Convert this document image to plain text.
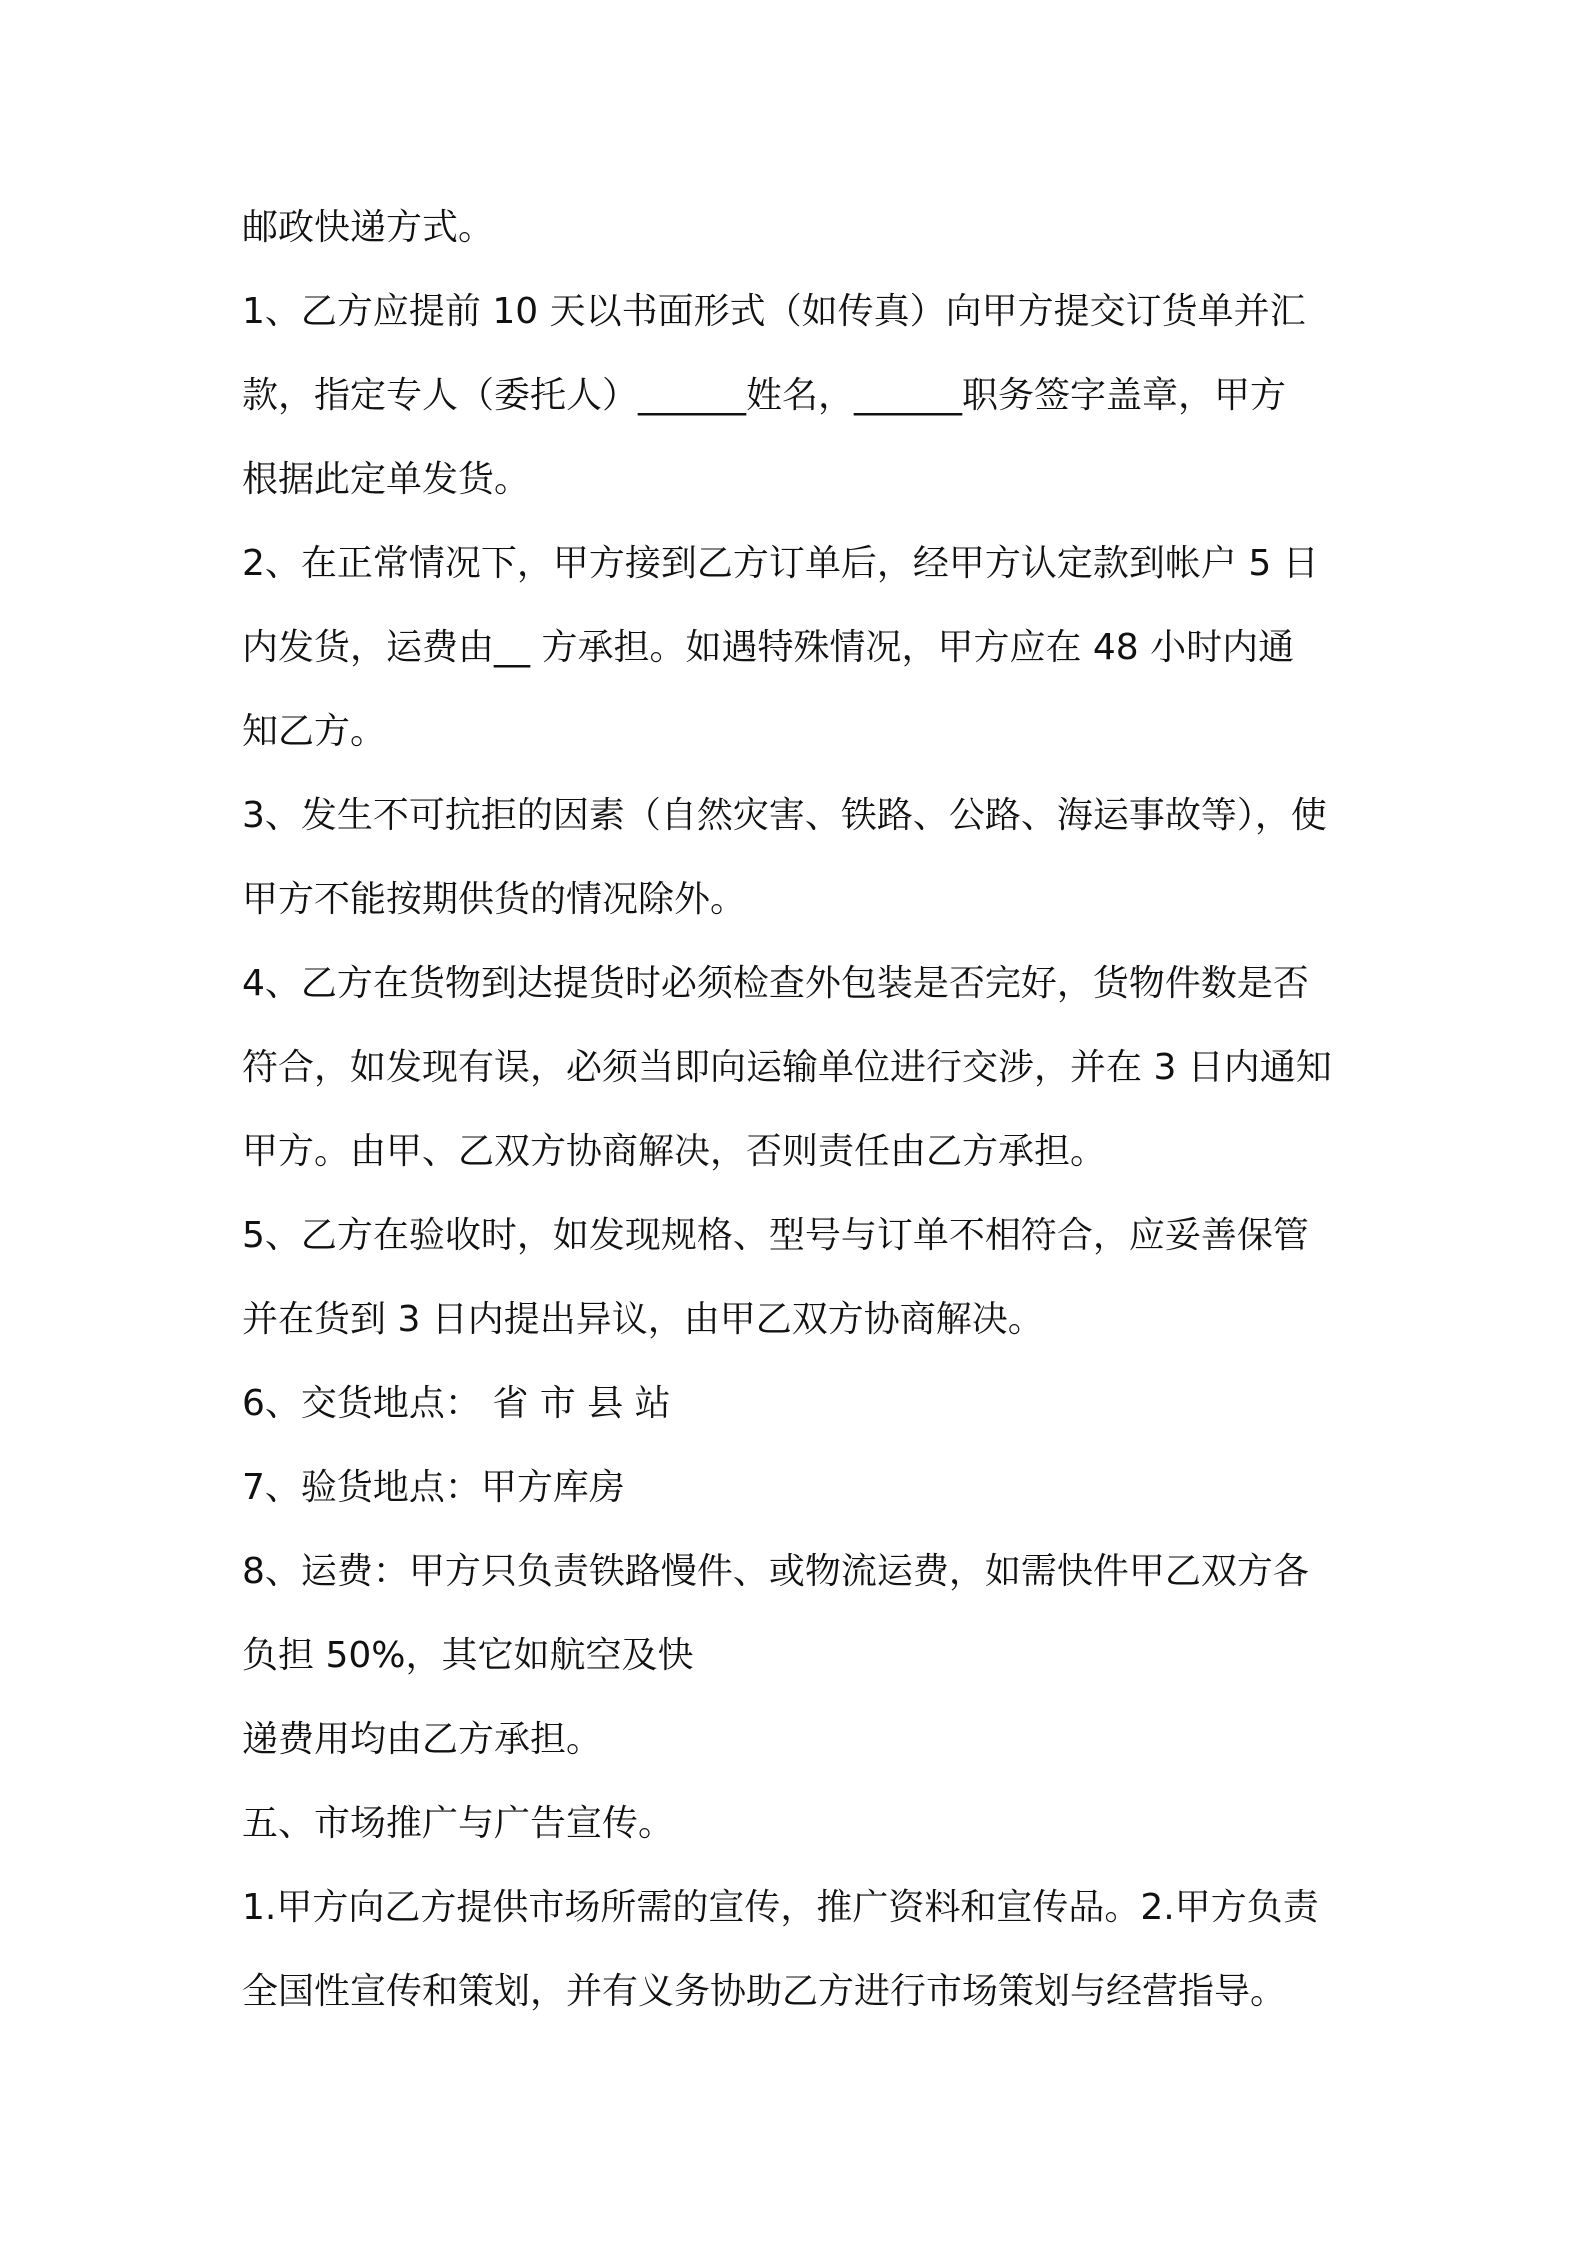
邮政快递方式。
1、乙方应提前 10 天以书面形式（如传真）向甲方提交订货单并汇
款，指定专人（委托人）______姓名，______职务签字盖章，甲方
根据此定单发货。
2、在正常情况下，甲方接到乙方订单后，经甲方认定款到帐户 5 日
内发货，运费由__ 方承担。如遇特殊情况，甲方应在 48 小时内通
知乙方。
3、发生不可抗拒的因素（自然灾害、铁路、公路、海运事故等），使
甲方不能按期供货的情况除外。
4、乙方在货物到达提货时必须检查外包装是否完好，货物件数是否
符合，如发现有误，必须当即向运输单位进行交涉，并在 3 日内通知
甲方。由甲、乙双方协商解决，否则责任由乙方承担。
5、乙方在验收时，如发现规格、型号与订单不相符合，应妥善保管
并在货到 3 日内提出异议，由甲乙双方协商解决。
6、交货地点： 省 市 县 站
7、验货地点：甲方库房
8、运费：甲方只负责铁路慢件、或物流运费，如需快件甲乙双方各
负担 50%，其它如航空及快
递费用均由乙方承担。
五、市场推广与广告宣传。
1.甲方向乙方提供市场所需的宣传，推广资料和宣传品。2.甲方负责
全国性宣传和策划，并有义务协助乙方进行市场策划与经营指导。
